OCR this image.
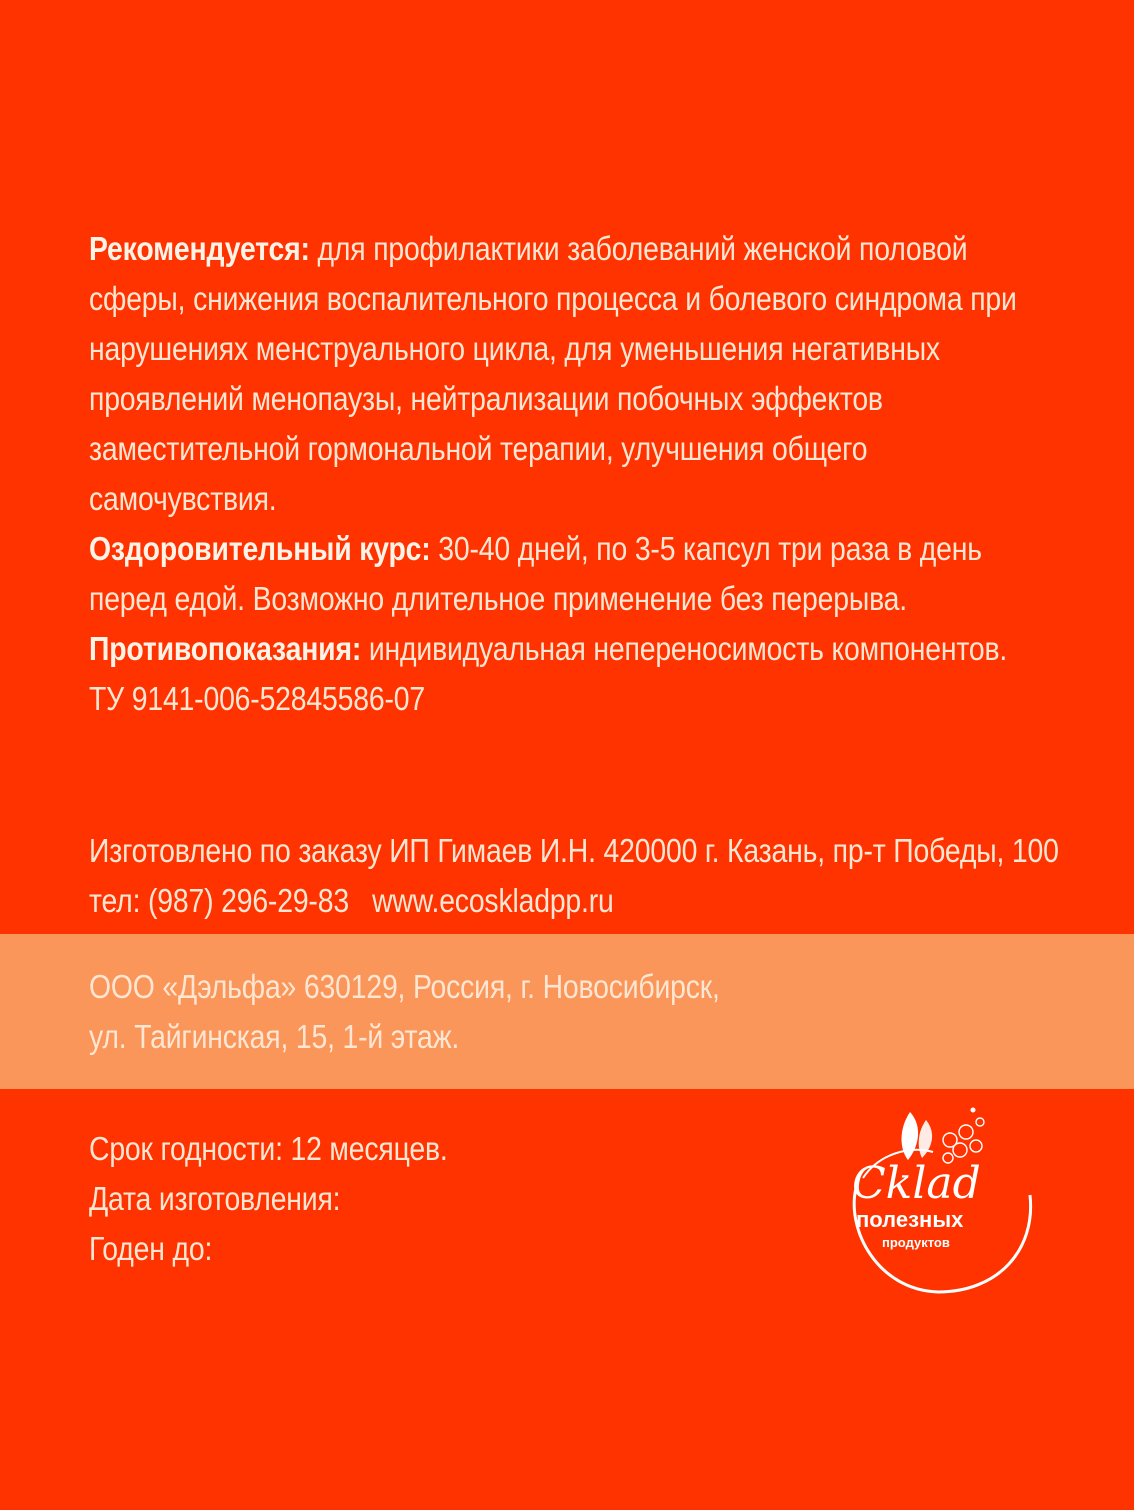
Рекомендуется: для профилактики заболеваний женской половой
сферы, снижения воспалительного процесса и болевого синдрома при
нарушениях менструального цикла, для уменьшения негативных
проявлений менопаузы, нейтрализации побочных эффектов
заместительной гормональной терапии, улучшения общего
самочувствия.
Оздоровительный курс: 30-40 дней, по 3-5 капсул три раза в день
перед едой. Возможно длительное применение без перерыва.
Противопоказания: индивидуальная непереносимость компонентов.
ТУ 9141-006-52845586-07
Изготовлено по заказу ИП Гимаев И.Н. 420000 г. Казань, пр-т Победы, 100
тел: (987) 296-29-83   www.ecoskladpp.ru
ООО «Дэльфа» 630129, Россия, г. Новосибирск,
ул. Тайгинская, 15, 1-й этаж.
Срок годности: 12 месяцев.
Дата изготовления:
Годен до:
Сklad
полезных
продуктов
